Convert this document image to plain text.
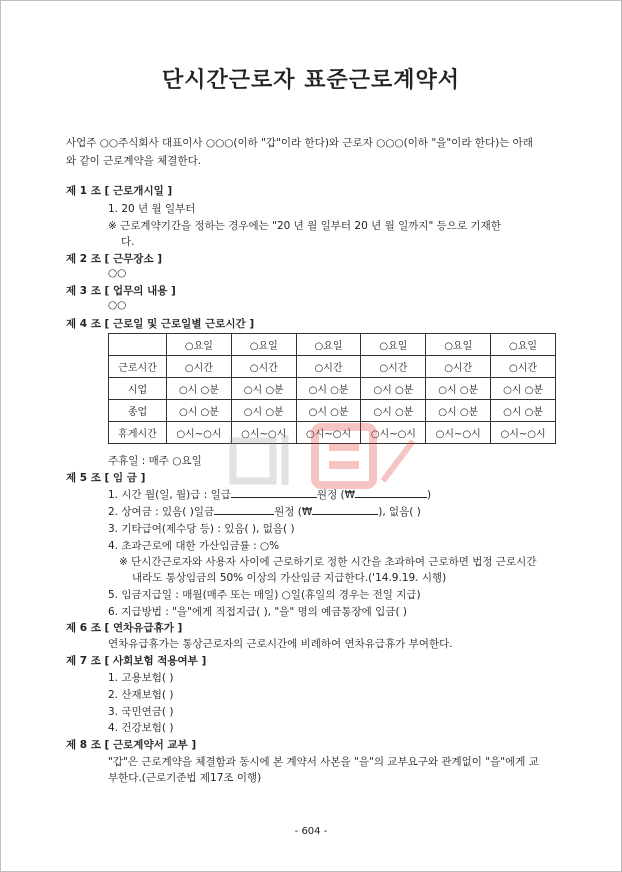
단시간근로자 표준근로계약서
사업주 ○○주식회사 대표이사 ○○○(이하 "갑"이라 한다)와 근로자 ○○○(이하 "을"이라 한다)는 아래
와 같이 근로계약을 체결한다.
제 1 조 [ 근로개시일 ]
1. 20 년 월 일부터
※ 근로계약기간을 정하는 경우에는 "20 년 월 일부터 20 년 월 일까지" 등으로 기재한
다.
제 2 조 [ 근무장소 ]
○○
제 3 조 [ 업무의 내용 ]
○○
제 4 조 [ 근로일 및 근로일별 근로시간 ]
	○요일	○요일	○요일	○요일	○요일	○요일
근로시간	○시간	○시간	○시간	○시간	○시간	○시간
시업	○시 ○분	○시 ○분	○시 ○분	○시 ○분	○시 ○분	○시 ○분
종업	○시 ○분	○시 ○분	○시 ○분	○시 ○분	○시 ○분	○시 ○분
휴게시간	○시~○시	○시~○시	○시~○시	○시~○시	○시~○시	○시~○시
주휴일 : 매주 ○요일
제 5 조 [ 임 금 ]
1. 시간 월(일, 월)급 : 일급	원정 (₩	)
2. 상여금 : 있음( )일금	원정 (₩	), 없음( )
3. 기타급여(제수당 등) : 있음( ), 없음( )
4. 초과근로에 대한 가산임금률 : ○%
※ 단시간근로자와 사용자 사이에 근로하기로 정한 시간을 초과하여 근로하면 법정 근로시간
내라도 통상임금의 50% 이상의 가산임금 지급한다.('14.9.19. 시행)
5. 임금지급일 : 매월(매주 또는 매일) ○일(휴일의 경우는 전일 지급)
6. 지급방법 : "을"에게 직접지급( ), "을" 명의 예금통장에 입금( )
제 6 조 [ 연차유급휴가 ]
연차유급휴가는 통상근로자의 근로시간에 비례하여 연차유급휴가 부여한다.
제 7 조 [ 사회보험 적용여부 ]
1. 고용보험( )
2. 산재보험( )
3. 국민연금( )
4. 건강보험( )
제 8 조 [ 근로계약서 교부 ]
"갑"은 근로계약을 체결함과 동시에 본 계약서 사본을 "을"의 교부요구와 관계없이 "을"에게 교
부한다.(근로기준법 제17조 이행)
- 604 -
